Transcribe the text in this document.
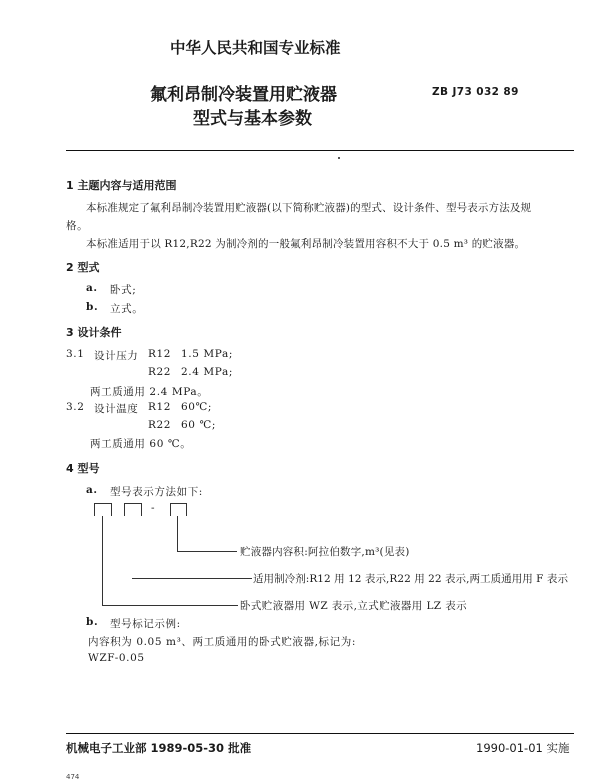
中华人民共和国专业标准
氟利昂制冷装置用贮液器
型式与基本参数
ZB J73 032 89
1 主题内容与适用范围
本标准规定了氟利昂制冷装置用贮液器(以下简称贮液器)的型式、设计条件、型号表示方法及规
格。
本标准适用于以 R12,R22 为制冷剂的一般氟利昂制冷装置用容积不大于 0.5 m³ 的贮液器。
2 型式
a. 卧式;
b. 立式。
3 设计条件
3.1 设计压力 R12 1.5 MPa;
R22 2.4 MPa;
两工质通用 2.4 MPa。
3.2 设计温度 R12 60℃;
R22 60 ℃;
两工质通用 60 ℃。
4 型号
a. 型号表示方法如下:
-
贮液器内容积:阿拉伯数字,m³(见表)
适用制冷剂:R12 用 12 表示,R22 用 22 表示,两工质通用用 F 表示
卧式贮液器用 WZ 表示,立式贮液器用 LZ 表示
b. 型号标记示例:
内容积为 0.05 m³、两工质通用的卧式贮液器,标记为:
WZF-0.05
机械电子工业部 1989-05-30 批准	1990-01-01 实施
474
